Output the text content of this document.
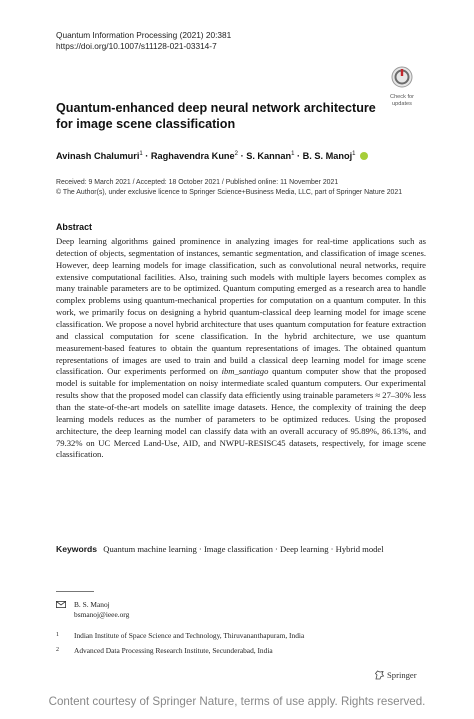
Quantum Information Processing (2021) 20:381
https://doi.org/10.1007/s11128-021-03314-7
Check for
updates
Quantum-enhanced deep neural network architecture for image scene classification
Avinash Chalumuri$^1$ · Raghavendra Kune$^2$ · S. Kannan$^1$ · B. S. Manoj$^1$
Received: 9 March 2021 / Accepted: 18 October 2021 / Published online: 11 November 2021
© The Author(s), under exclusive licence to Springer Science+Business Media, LLC, part of Springer Nature 2021
Abstract

Deep learning algorithms gained prominence in analyzing images for real-time applications such as detection of objects, segmentation of instances, semantic segmentation, and classification of image scenes. However, deep learning models for image classification, such as convolutional neural networks, require extensive computational facilities. Also, training such models with multiple layers becomes complex as many trainable parameters are to be optimized. Quantum computing emerged as a research area to handle complex problems using quantum-mechanical properties for computation on a quantum computer. In this work, we primarily focus on designing a hybrid quantum-classical deep learning model for image scene classification. We propose a novel hybrid architecture that uses quantum computation for feature extraction and classical computation for scene classification. In the hybrid architecture, we use quantum measurement-based features to obtain the quantum representations of images. The obtained quantum representations of images are used to train and build a classical deep learning model for image scene classification. Our experiments performed on ibm_santiago quantum computer show that the proposed model is suitable for implementation on noisy intermediate scaled quantum computers. Our experimental results show that the proposed model can classify data efficiently using trainable parameters ≈ 27–30% less than the state-of-the-art models on satellite image datasets. Hence, the complexity of training the deep learning models reduces as the number of parameters to be optimized reduces. Using the proposed architecture, the deep learning model can classify data with an overall accuracy of 95.89%, 86.13%, and 79.32% on UC Merced Land-Use, AID, and NWPU-RESISC45 datasets, respectively, for image scene classification.

Keywords Quantum machine learning · Image classification · Deep learning · Hybrid model
B. S. Manoj
bsmanoj@ieee.org
1 Indian Institute of Space Science and Technology, Thiruvananthapuram, India
2 Advanced Data Processing Research Institute, Secunderabad, India
Springer
Content courtesy of Springer Nature, terms of use apply. Rights reserved.
